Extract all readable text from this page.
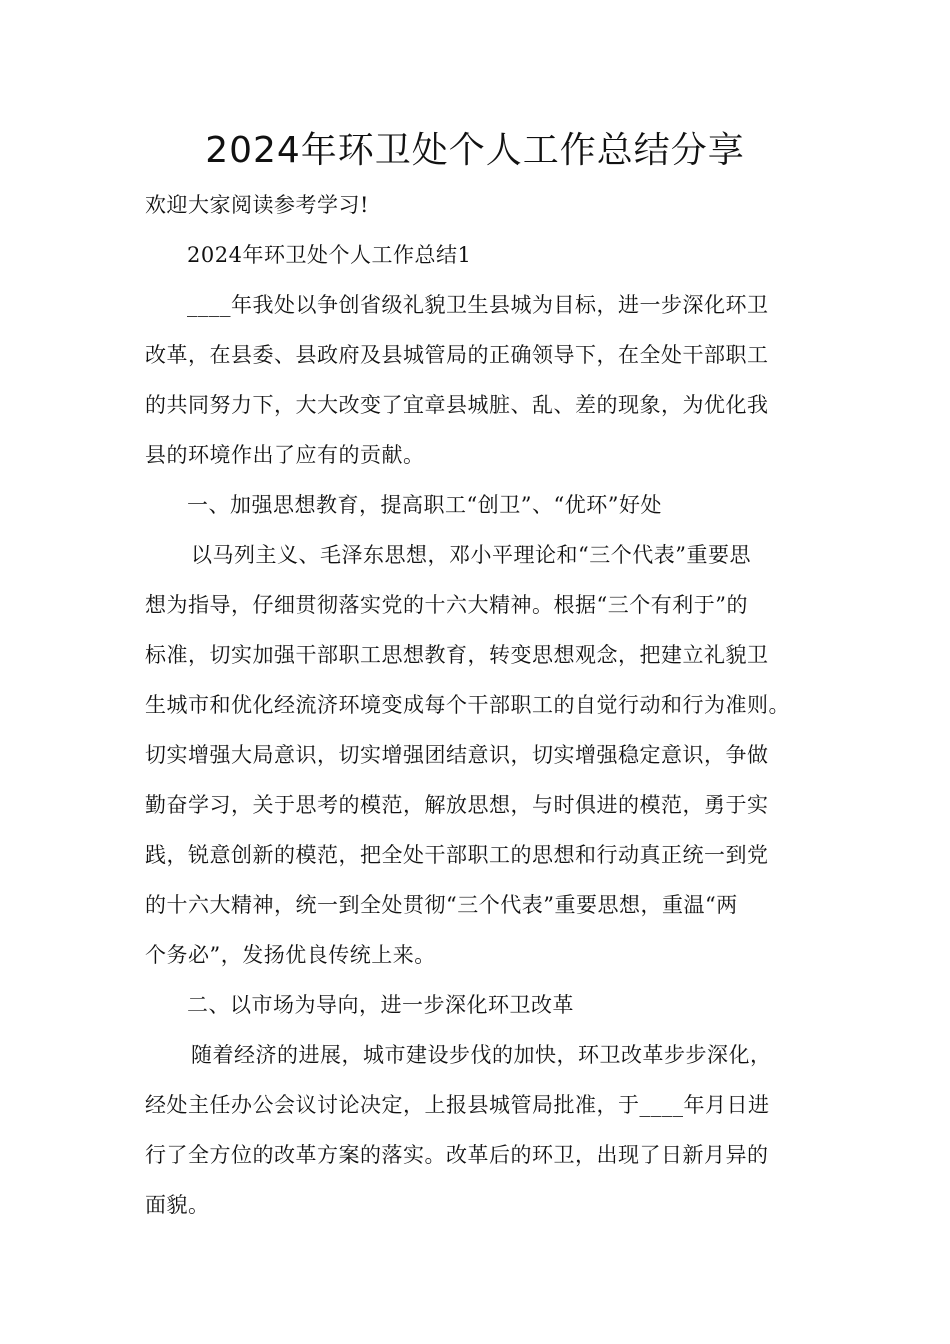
2024年环卫处个人工作总结分享
欢迎大家阅读参考学习!
2024年环卫处个人工作总结1
____年我处以争创省级礼貌卫生县城为目标，进一步深化环卫
改革，在县委、县政府及县城管局的正确领导下，在全处干部职工
的共同努力下，大大改变了宜章县城脏、乱、差的现象，为优化我
县的环境作出了应有的贡献。
一、加强思想教育，提高职工“创卫”、“优环”好处
以马列主义、毛泽东思想，邓小平理论和“三个代表”重要思
想为指导，仔细贯彻落实党的十六大精神。根据“三个有利于”的
标准，切实加强干部职工思想教育，转变思想观念，把建立礼貌卫
生城市和优化经流济环境变成每个干部职工的自觉行动和行为准则。
切实增强大局意识，切实增强团结意识，切实增强稳定意识，争做
勤奋学习，关于思考的模范，解放思想，与时俱进的模范，勇于实
践，锐意创新的模范，把全处干部职工的思想和行动真正统一到党
的十六大精神，统一到全处贯彻“三个代表”重要思想，重温“两
个务必”，发扬优良传统上来。
二、以市场为导向，进一步深化环卫改革
随着经济的进展，城市建设步伐的加快，环卫改革步步深化，
经处主任办公会议讨论决定，上报县城管局批准，于____年月日进
行了全方位的改革方案的落实。改革后的环卫，出现了日新月异的
面貌。
